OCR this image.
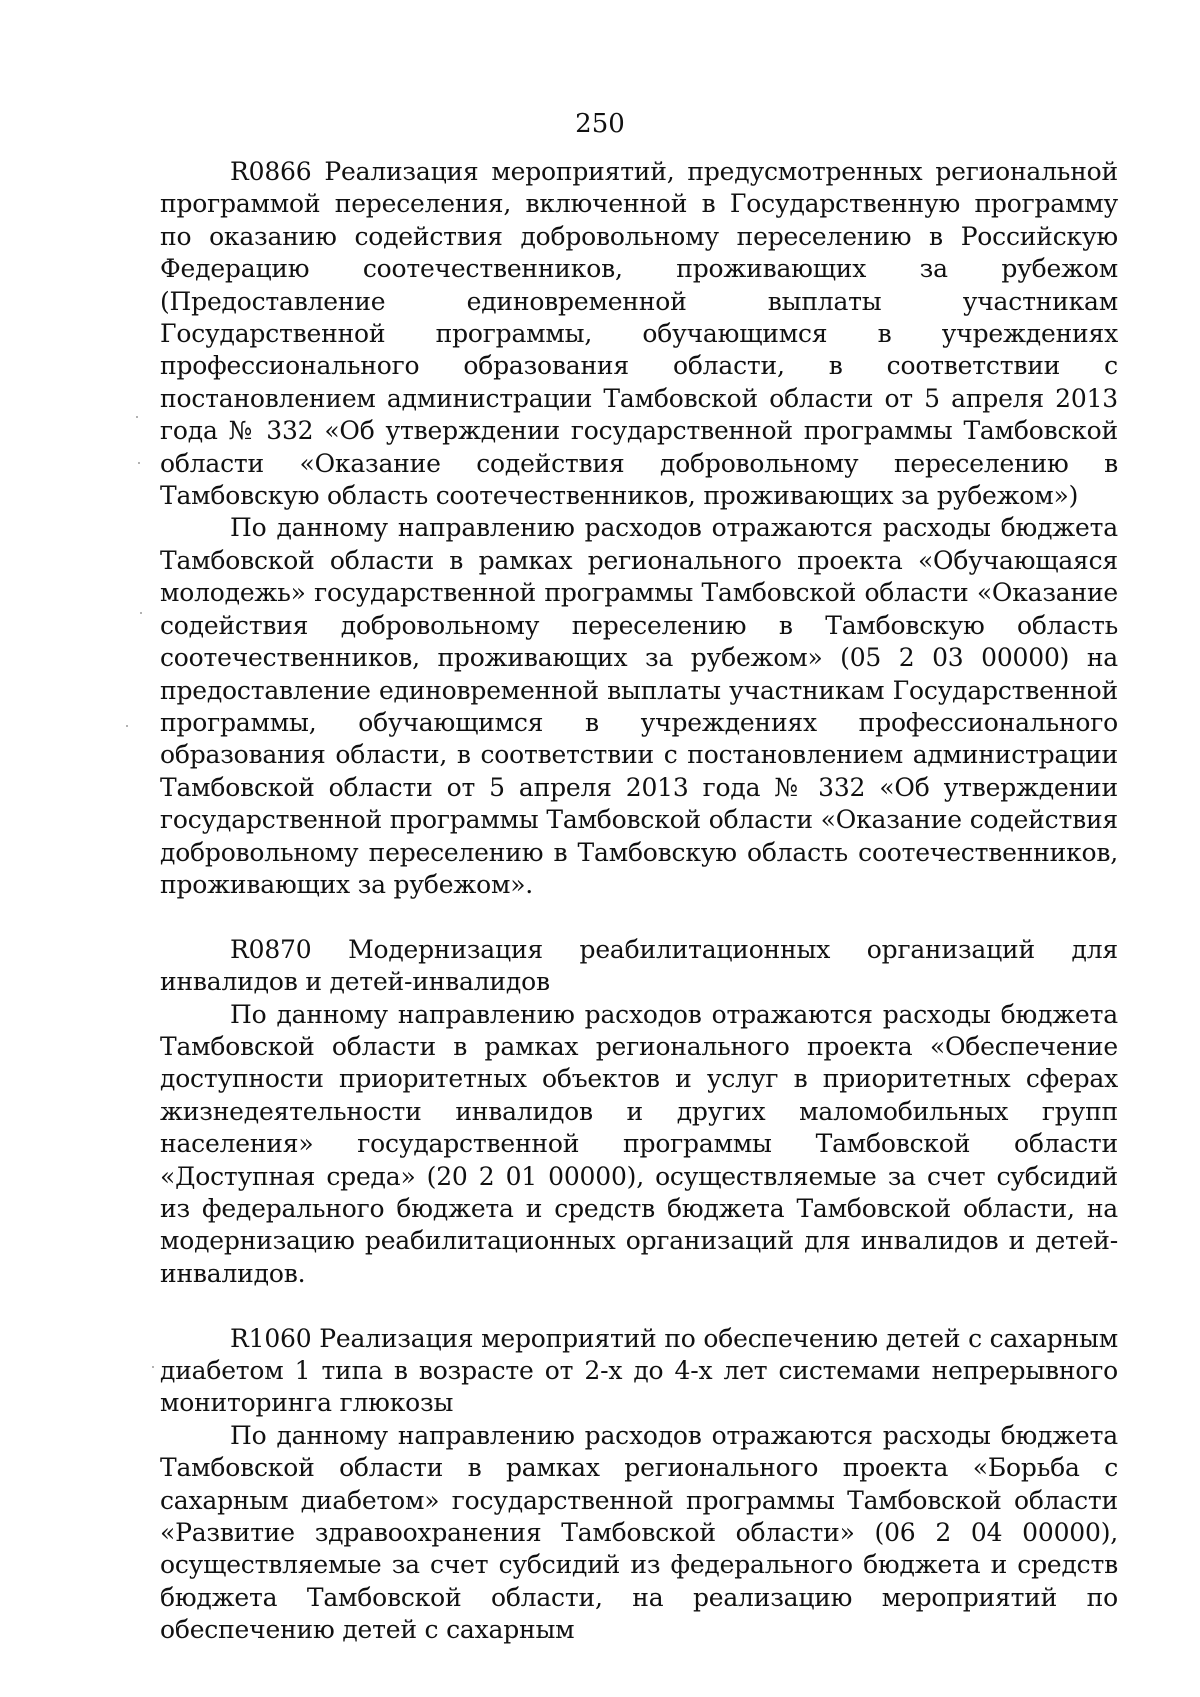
250

R0866 Реализация мероприятий, предусмотренных региональной программой переселения, включенной в Государственную программу по оказанию содействия добровольному переселению в Российскую Федерацию соотечественников, проживающих за рубежом (Предоставление единовременной выплаты участникам Государственной программы, обучающимся в учреждениях профессионального образования области, в соответствии с постановлением администрации Тамбовской области от 5 апреля 2013 года № 332 «Об утверждении государственной программы Тамбовской области «Оказание содействия добровольному переселению в Тамбовскую область соотечественников, проживающих за рубежом»)

По данному направлению расходов отражаются расходы бюджета Тамбовской области в рамках регионального проекта «Обучающаяся молодежь» государственной программы Тамбовской области «Оказание содействия добровольному переселению в Тамбовскую область соотечественников, проживающих за рубежом» (05 2 03 00000) на предоставление единовременной выплаты участникам Государственной программы, обучающимся в учреждениях профессионального образования области, в соответствии с постановлением администрации Тамбовской области от 5 апреля 2013 года № 332 «Об утверждении государственной программы Тамбовской области «Оказание содействия добровольному переселению в Тамбовскую область соотечественников, проживающих за рубежом».

R0870 Модернизация реабилитационных организаций для инвалидов и детей-инвалидов

По данному направлению расходов отражаются расходы бюджета Тамбовской области в рамках регионального проекта «Обеспечение доступности приоритетных объектов и услуг в приоритетных сферах жизнедеятельности инвалидов и других маломобильных групп населения» государственной программы Тамбовской области «Доступная среда» (20 2 01 00000), осуществляемые за счет субсидий из федерального бюджета и средств бюджета Тамбовской области, на модернизацию реабилитационных организаций для инвалидов и детей-инвалидов.

R1060 Реализация мероприятий по обеспечению детей с сахарным диабетом 1 типа в возрасте от 2-х до 4-х лет системами непрерывного мониторинга глюкозы

По данному направлению расходов отражаются расходы бюджета Тамбовской области в рамках регионального проекта «Борьба с сахарным диабетом» государственной программы Тамбовской области «Развитие здравоохранения Тамбовской области» (06 2 04 00000), осуществляемые за счет субсидий из федерального бюджета и средств бюджета Тамбовской области, на реализацию мероприятий по обеспечению детей с сахарным
